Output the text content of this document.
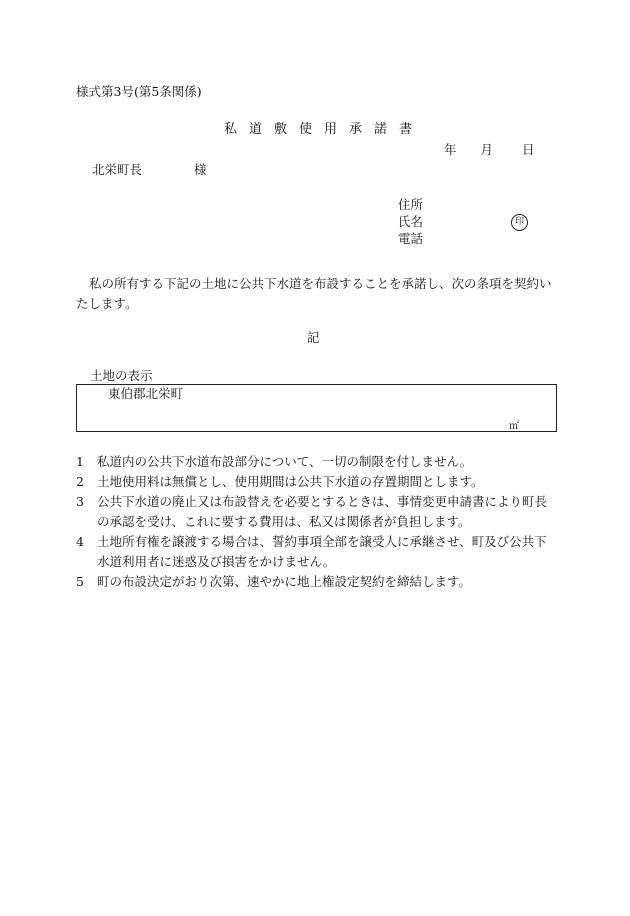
様式第3号(第5条関係)
私道敷使用承諾書
年 月 日
北栄町長	様
住所
氏名
電話
印
私の所有する下記の土地に公共下水道を布設することを承諾し、次の条項を契約いたします。
記
土地の表示
東伯郡北栄町
㎡
1 私道内の公共下水道布設部分について、一切の制限を付しません。
2 土地使用料は無償とし、使用期間は公共下水道の存置期間とします。
3	公共下水道の廃止又は布設替えを必要とするときは、事情変更申請書により町長の承認を受け、これに要する費用は、私又は関係者が負担します。
4	土地所有権を譲渡する場合は、誓約事項全部を譲受人に承継させ、町及び公共下水道利用者に迷惑及び損害をかけません。
5 町の布設決定がおり次第、速やかに地上権設定契約を締結します。
